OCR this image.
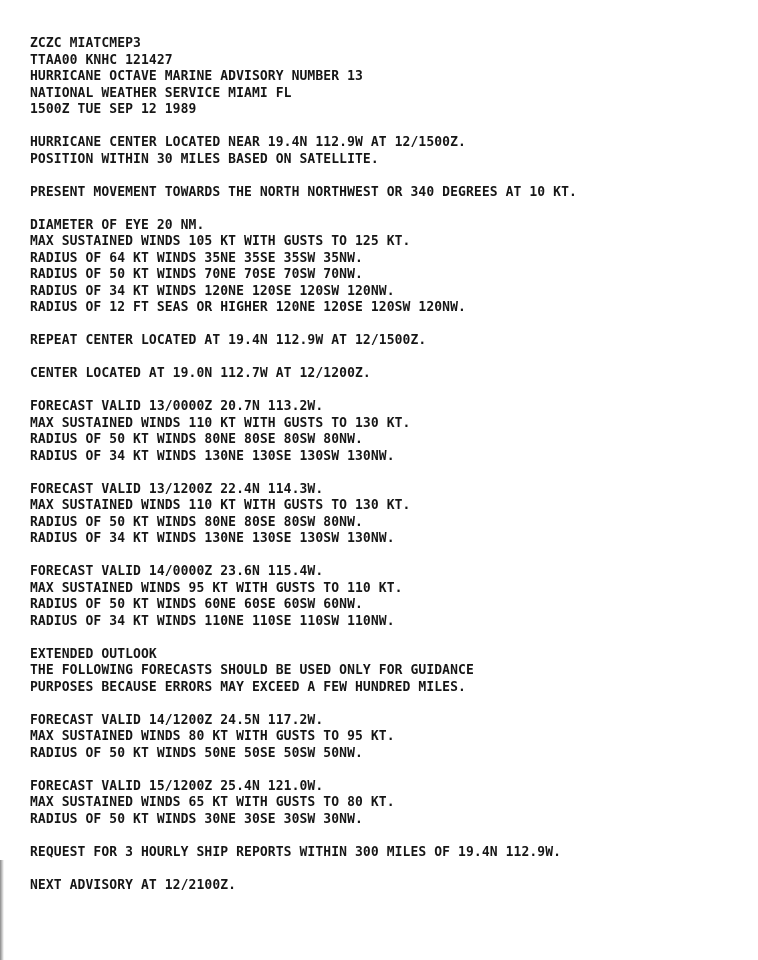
ZCZC MIATCMEP3
TTAA00 KNHC 121427
HURRICANE OCTAVE MARINE ADVISORY NUMBER 13
NATIONAL WEATHER SERVICE MIAMI FL
1500Z TUE SEP 12 1989
HURRICANE CENTER LOCATED NEAR 19.4N 112.9W AT 12/1500Z.
POSITION WITHIN 30 MILES BASED ON SATELLITE.
PRESENT MOVEMENT TOWARDS THE NORTH NORTHWEST OR 340 DEGREES AT 10 KT.
DIAMETER OF EYE 20 NM.
MAX SUSTAINED WINDS 105 KT WITH GUSTS TO 125 KT.
RADIUS OF 64 KT WINDS 35NE 35SE 35SW 35NW.
RADIUS OF 50 KT WINDS 70NE 70SE 70SW 70NW.
RADIUS OF 34 KT WINDS 120NE 120SE 120SW 120NW.
RADIUS OF 12 FT SEAS OR HIGHER 120NE 120SE 120SW 120NW.
REPEAT CENTER LOCATED AT 19.4N 112.9W AT 12/1500Z.
CENTER LOCATED AT 19.0N 112.7W AT 12/1200Z.
FORECAST VALID 13/0000Z 20.7N 113.2W.
MAX SUSTAINED WINDS 110 KT WITH GUSTS TO 130 KT.
RADIUS OF 50 KT WINDS 80NE 80SE 80SW 80NW.
RADIUS OF 34 KT WINDS 130NE 130SE 130SW 130NW.
FORECAST VALID 13/1200Z 22.4N 114.3W.
MAX SUSTAINED WINDS 110 KT WITH GUSTS TO 130 KT.
RADIUS OF 50 KT WINDS 80NE 80SE 80SW 80NW.
RADIUS OF 34 KT WINDS 130NE 130SE 130SW 130NW.
FORECAST VALID 14/0000Z 23.6N 115.4W.
MAX SUSTAINED WINDS 95 KT WITH GUSTS TO 110 KT.
RADIUS OF 50 KT WINDS 60NE 60SE 60SW 60NW.
RADIUS OF 34 KT WINDS 110NE 110SE 110SW 110NW.
EXTENDED OUTLOOK
THE FOLLOWING FORECASTS SHOULD BE USED ONLY FOR GUIDANCE
PURPOSES BECAUSE ERRORS MAY EXCEED A FEW HUNDRED MILES.
FORECAST VALID 14/1200Z 24.5N 117.2W.
MAX SUSTAINED WINDS 80 KT WITH GUSTS TO 95 KT.
RADIUS OF 50 KT WINDS 50NE 50SE 50SW 50NW.
FORECAST VALID 15/1200Z 25.4N 121.0W.
MAX SUSTAINED WINDS 65 KT WITH GUSTS TO 80 KT.
RADIUS OF 50 KT WINDS 30NE 30SE 30SW 30NW.
REQUEST FOR 3 HOURLY SHIP REPORTS WITHIN 300 MILES OF 19.4N 112.9W.
NEXT ADVISORY AT 12/2100Z.
